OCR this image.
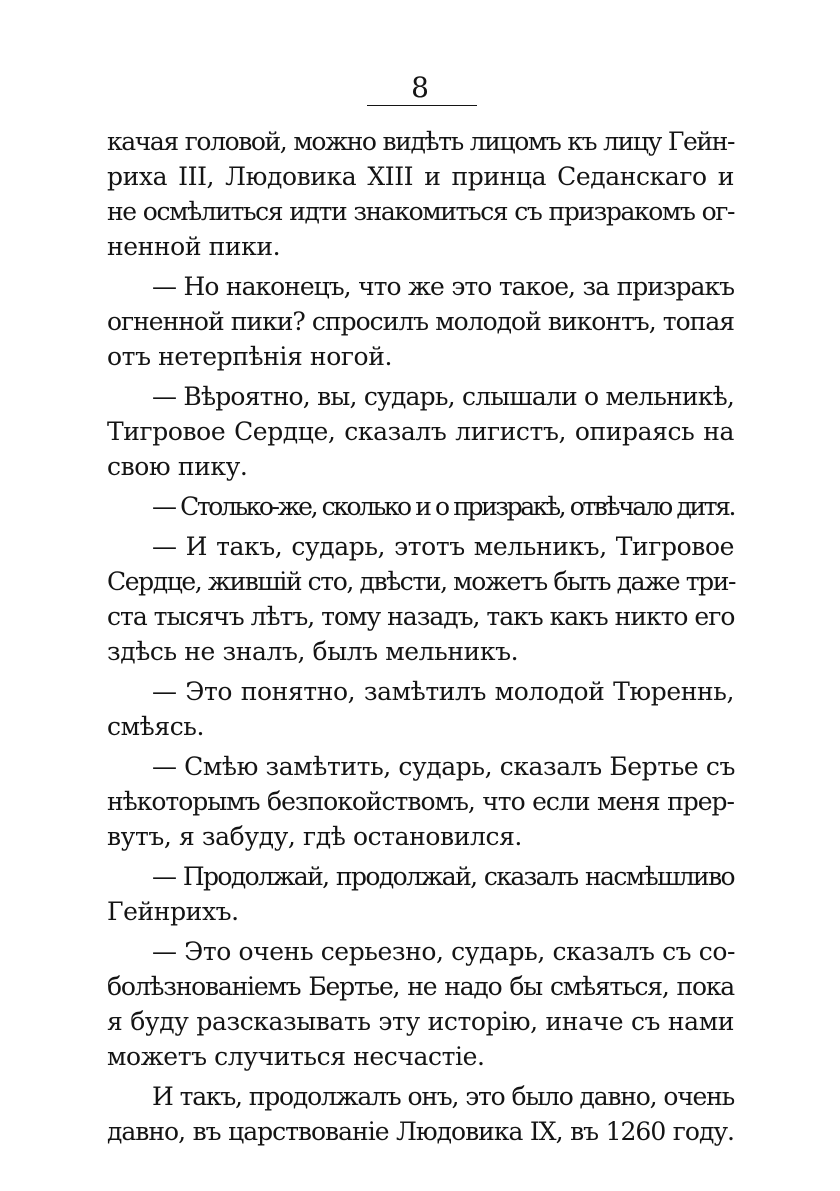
8
качая головой, можно видѣть лицомъ къ лицу Гейн-
риха III, Людовика XIII и принца Седанскаго и
не осмѣлиться идти знакомиться съ призракомъ ог-
ненной пики.
— Но наконецъ, что же это такое, за призракъ
огненной пики? спросилъ молодой виконтъ, топая
отъ нетерпѣнія ногой.
— Вѣроятно, вы, сударь, слышали о мельникѣ,
Тигровое Сердце, сказалъ лигистъ, опираясь на
свою пику.
— Столько-же, сколько и о призракѣ, отвѣчало дитя.
— И такъ, сударь, этотъ мельникъ, Тигровое
Сердце, жившій сто, двѣсти, можетъ быть даже три-
ста тысячъ лѣтъ, тому назадъ, такъ какъ никто его
здѣсь не зналъ, былъ мельникъ.
— Это понятно, замѣтилъ молодой Тюреннь,
смѣясь.
— Смѣю замѣтить, сударь, сказалъ Бертье съ
нѣкоторымъ безпокойствомъ, что если меня прер-
вутъ, я забуду, гдѣ остановился.
— Продолжай, продолжай, сказалъ насмѣшливо
Гейнрихъ.
— Это очень серьезно, сударь, сказалъ съ со-
болѣзнованіемъ Бертье, не надо бы смѣяться, пока
я буду разсказывать эту исторію, иначе съ нами
можетъ случиться несчастіе.
И такъ, продолжалъ онъ, это было давно, очень
давно, въ царствованіе Людовика IX, въ 1260 году.
